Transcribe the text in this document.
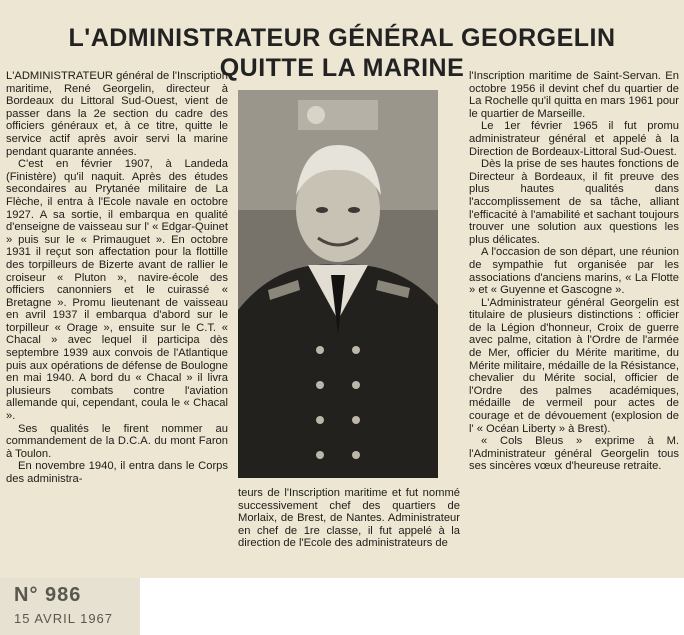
L'ADMINISTRATEUR GÉNÉRAL GEORGELIN
QUITTE LA MARINE

L'ADMINISTRATEUR général de l'Inscription maritime, René Georgelin, directeur à Bordeaux du Littoral Sud-Ouest, vient de passer dans la 2e section du cadre des officiers généraux et, à ce titre, quitte le service actif après avoir servi la marine pendant quarante années.

C'est en février 1907, à Landeda (Finistère) qu'il naquit. Après des études secondaires au Prytanée militaire de La Flèche, il entra à l'Ecole navale en octobre 1927. A sa sortie, il embarqua en qualité d'enseigne de vaisseau sur l' « Edgar-Quinet » puis sur le « Primauguet ». En octobre 1931 il reçut son affectation pour la flottille des torpilleurs de Bizerte avant de rallier le croiseur « Pluton », navire-école des officiers canonniers et le cuirassé « Bretagne ». Promu lieutenant de vaisseau en avril 1937 il embarqua d'abord sur le torpilleur « Orage », ensuite sur le C.T. « Chacal » avec lequel il participa dès septembre 1939 aux convois de l'Atlantique puis aux opérations de défense de Boulogne en mai 1940. A bord du « Chacal » il livra plusieurs combats contre l'aviation allemande qui, cependant, coula le « Chacal ».

Ses qualités le firent nommer au commandement de la D.C.A. du mont Faron à Toulon.

En novembre 1940, il entra dans le Corps des administra-

teurs de l'Inscription maritime et fut nommé successivement chef des quartiers de Morlaix, de Brest, de Nantes. Administrateur en chef de 1re classe, il fut appelé à la direction de l'Ecole des administrateurs de

l'Inscription maritime de Saint-Servan. En octobre 1956 il devint chef du quartier de La Rochelle qu'il quitta en mars 1961 pour le quartier de Marseille.

Le 1er février 1965 il fut promu administrateur général et appelé à la Direction de Bordeaux-Littoral Sud-Ouest.

Dès la prise de ses hautes fonctions de Directeur à Bordeaux, il fit preuve des plus hautes qualités dans l'accomplissement de sa tâche, alliant l'efficacité à l'amabilité et sachant toujours trouver une solution aux questions les plus délicates.

A l'occasion de son départ, une réunion de sympathie fut organisée par les associations d'anciens marins, « La Flotte » et « Guyenne et Gascogne ».

L'Administrateur général Georgelin est titulaire de plusieurs distinctions : officier de la Légion d'honneur, Croix de guerre avec palme, citation à l'Ordre de l'armée de Mer, officier du Mérite maritime, du Mérite militaire, médaille de la Résistance, chevalier du Mérite social, officier de l'Ordre des palmes académiques, médaille de vermeil pour actes de courage et de dévouement (explosion de l' « Océan Liberty » à Brest).

« Cols Bleus » exprime à M. l'Administrateur général Georgelin tous ses sincères vœux d'heureuse retraite.

N° 986
15 AVRIL 1967
